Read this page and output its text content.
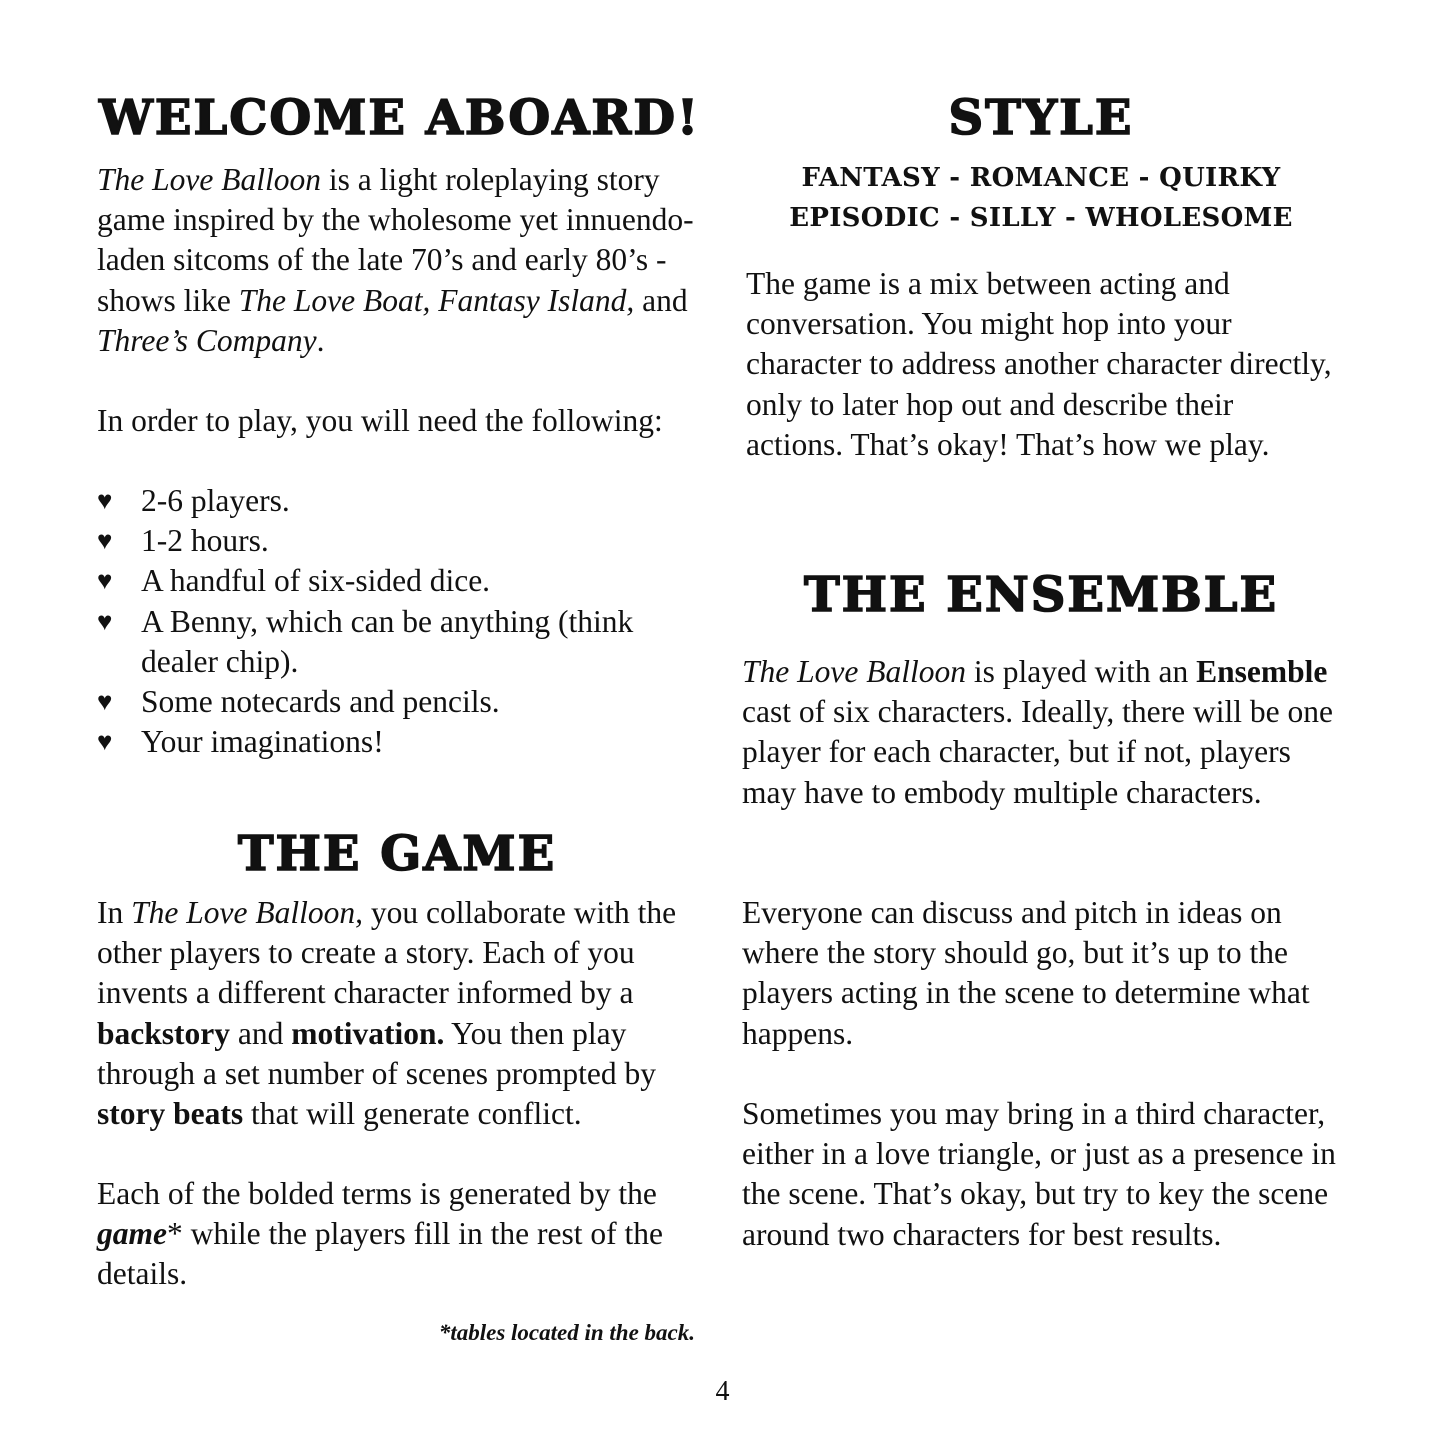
WELCOME ABOARD!

The Love Balloon is a light roleplaying story game inspired by the wholesome yet innuendo-laden sitcoms of the late 70’s and early 80’s - shows like The Love Boat, Fantasy Island, and Three’s Company.

In order to play, you will need the following:

♥ 2-6 players.
♥ 1-2 hours.
♥ A handful of six-sided dice.
♥ A Benny, which can be anything (think dealer chip).
♥ Some notecards and pencils.
♥ Your imaginations!
THE GAME

In The Love Balloon, you collaborate with the other players to create a story. Each of you invents a different character informed by a backstory and motivation. You then play through a set number of scenes prompted by story beats that will generate conflict.

Each of the bolded terms is generated by the game* while the players fill in the rest of the details.

*tables located in the back.

STYLE

FANTASY - ROMANCE - QUIRKY
EPISODIC - SILLY - WHOLESOME

The game is a mix between acting and conversation. You might hop into your character to address another character directly, only to later hop out and describe their actions. That’s okay! That’s how we play.

THE ENSEMBLE

The Love Balloon is played with an Ensemble cast of six characters. Ideally, there will be one player for each character, but if not, players may have to embody multiple characters.

Everyone can discuss and pitch in ideas on where the story should go, but it’s up to the players acting in the scene to determine what happens.

Sometimes you may bring in a third character, either in a love triangle, or just as a presence in the scene. That’s okay, but try to key the scene around two characters for best results.

4
